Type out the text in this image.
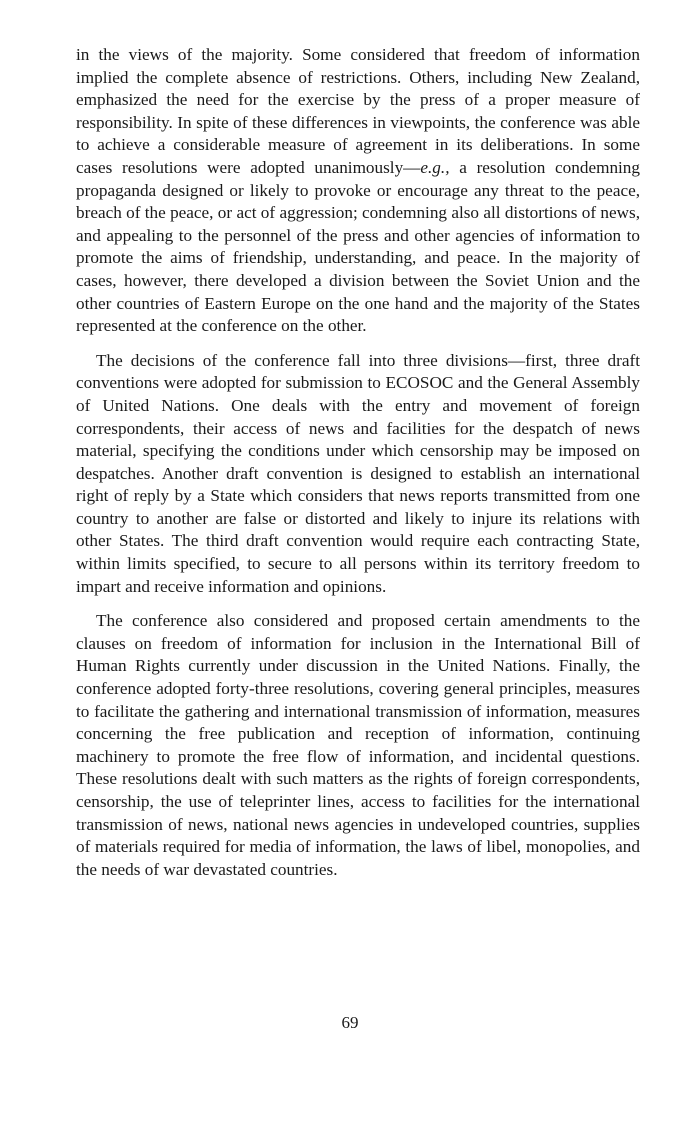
in the views of the majority. Some considered that freedom of information implied the complete absence of restrictions. Others, including New Zealand, emphasized the need for the exercise by the press of a proper measure of responsibility. In spite of these differences in viewpoints, the conference was able to achieve a considerable measure of agreement in its deliberations. In some cases resolutions were adopted unanimously—e.g., a resolution condemning propaganda designed or likely to provoke or encourage any threat to the peace, breach of the peace, or act of aggression; condemning also all distortions of news, and appealing to the personnel of the press and other agencies of information to promote the aims of friendship, understanding, and peace. In the majority of cases, however, there developed a division between the Soviet Union and the other countries of Eastern Europe on the one hand and the majority of the States represented at the conference on the other.

The decisions of the conference fall into three divisions—first, three draft conventions were adopted for submission to ECOSOC and the General Assembly of United Nations. One deals with the entry and movement of foreign correspondents, their access of news and facilities for the despatch of news material, specifying the conditions under which censorship may be imposed on despatches. Another draft convention is designed to establish an international right of reply by a State which considers that news reports transmitted from one country to another are false or distorted and likely to injure its relations with other States. The third draft convention would require each contracting State, within limits specified, to secure to all persons within its territory freedom to impart and receive information and opinions.

The conference also considered and proposed certain amendments to the clauses on freedom of information for inclusion in the International Bill of Human Rights currently under discussion in the United Nations. Finally, the conference adopted forty-three resolutions, covering general principles, measures to facilitate the gathering and international transmission of information, measures concerning the free publication and reception of information, continuing machinery to promote the free flow of information, and incidental questions. These resolutions dealt with such matters as the rights of foreign correspondents, censorship, the use of teleprinter lines, access to facilities for the international transmission of news, national news agencies in undeveloped countries, supplies of materials required for media of information, the laws of libel, monopolies, and the needs of war devastated countries.

69
